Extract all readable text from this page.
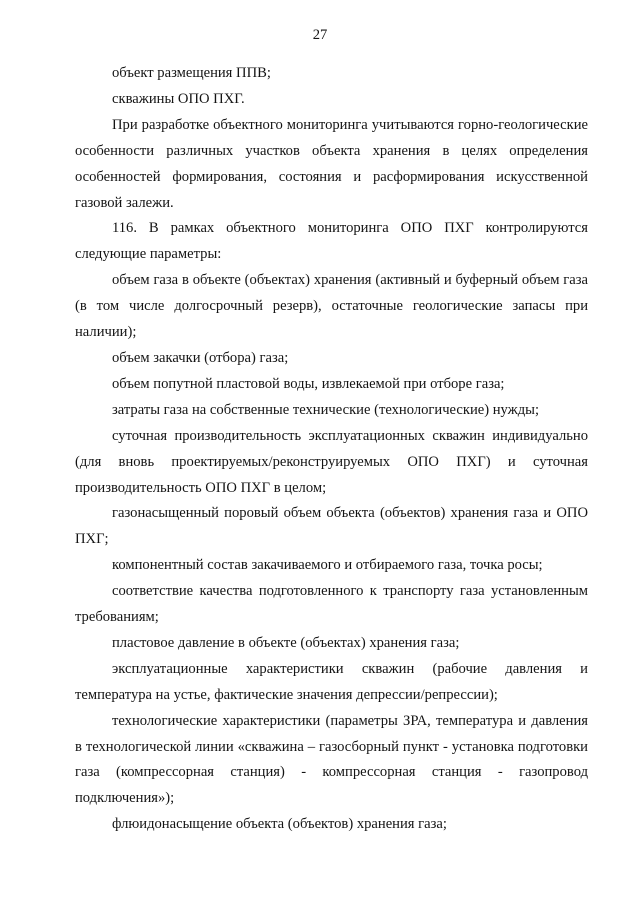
27

объект размещения ППВ;

скважины ОПО ПХГ.

При разработке объектного мониторинга учитываются горно-геологические особенности различных участков объекта хранения в целях определения особенностей формирования, состояния и расформирования искусственной газовой залежи.

116. В рамках объектного мониторинга ОПО ПХГ контролируются следующие параметры:

объем газа в объекте (объектах) хранения (активный и буферный объем газа (в том числе долгосрочный резерв), остаточные геологические запасы при наличии);

объем закачки (отбора) газа;

объем попутной пластовой воды, извлекаемой при отборе газа;

затраты газа на собственные технические (технологические) нужды;

суточная производительность эксплуатационных скважин индивидуально (для вновь проектируемых/реконструируемых ОПО ПХГ) и суточная производительность ОПО ПХГ в целом;

газонасыщенный поровый объем объекта (объектов) хранения газа и ОПО ПХГ;

компонентный состав закачиваемого и отбираемого газа, точка росы;

соответствие качества подготовленного к транспорту газа установленным требованиям;

пластовое давление в объекте (объектах) хранения газа;

эксплуатационные характеристики скважин (рабочие давления и температура на устье, фактические значения депрессии/репрессии);

технологические характеристики (параметры ЗРА, температура и давления в технологической линии «скважина – газосборный пункт - установка подготовки газа (компрессорная станция) - компрессорная станция - газопровод подключения»);

флюидонасыщение объекта (объектов) хранения газа;
